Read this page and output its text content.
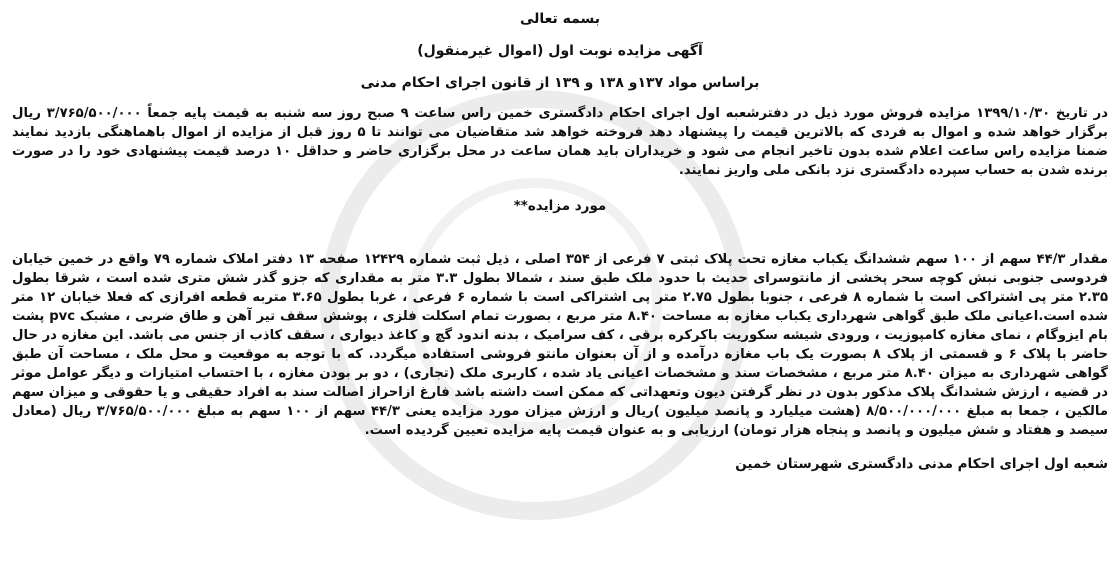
بسمه تعالی
آگهی مزایده نوبت اول (اموال غیرمنقول)
براساس مواد ۱۳۷و ۱۳۸ و ۱۳۹ از قانون اجرای احکام مدنی

در تاریخ ۱۳۹۹/۱۰/۳۰ مزایده فروش مورد ذیل در دفترشعبه اول اجرای احکام دادگستری خمین راس ساعت ۹ صبح روز سه شنبه به قیمت پایه جمعاً ۳/۷۶۵/۵۰۰/۰۰۰ ریال برگزار خواهد شده و اموال به فردی که بالاترین قیمت را پیشنهاد دهد فروخته خواهد شد متقاضیان می توانند تا ۵ روز قبل از مزایده از اموال باهماهنگی بازدید نمایند ضمنا مزایده راس ساعت اعلام شده بدون تاخیر انجام می شود و خریداران باید همان ساعت در محل برگزاری حاضر و حداقل ۱۰ درصد قیمت پیشنهادی خود را در صورت برنده شدن به حساب سپرده دادگستری نزد بانکی ملی واریز نمایند.

مورد مزایده**

مقدار ۴۴/۳ سهم از ۱۰۰ سهم ششدانگ یکباب مغازه تحت پلاک ثبتی ۷ فرعی از ۳۵۴ اصلی ، ذیل ثبت شماره ۱۲۴۲۹ صفحه ۱۳ دفتر املاک شماره ۷۹ واقع در خمین خیابان فردوسی جنوبی نبش کوچه سحر پخشی از مانتوسرای حدیث با حدود ملک طبق سند ، شمالا بطول ۳.۳ متر به مقداری که جزو گذر شش متری شده است ، شرقا بطول ۲.۳۵ متر پی اشتراکی است با شماره ۸ فرعی ، جنوبا بطول ۲.۷۵ متر پی اشتراکی است با شماره ۶ فرعی ، غربا بطول ۳.۶۵ متربه قطعه افرازی که فعلا خیابان ۱۲ متر شده است.اعیانی ملک طبق گواهی شهرداری یکباب مغازه به مساحت ۸.۴۰ متر مربع ، بصورت تمام اسکلت فلزی ، پوشش سقف تیر آهن و طاق ضربی ، مشبک pvc پشت بام ایزوگام ، نمای مغازه کامپوزیت ، ورودی شیشه سکوریت باکرکره برقی ، کف سرامیک ، بدنه اندود گچ و کاغذ دیواری ، سقف کاذب از جنس می باشد. این مغازه در حال حاضر با پلاک ۶ و قسمتی از پلاک ۸ بصورت یک باب مغازه درآمده و از آن بعنوان مانتو فروشی استفاده میگردد. که با توجه به موقعیت و محل ملک ، مساحت آن طبق گواهی شهرداری به میزان ۸.۴۰ متر مربع ، مشخصات سند و مشخصات اعیانی یاد شده ، کاربری ملک (تجاری) ، دو بر بودن مغازه ، با احتساب امتیازات و دیگر عوامل موثر در قضیه ، ارزش ششدانگ پلاک مذکور بدون در نظر گرفتن دیون وتعهداتی که ممکن است داشته باشد فارغ ازاحراز اصالت سند به افراد حقیقی و یا حقوقی و میزان سهم مالکین ، جمعا به مبلغ ۸/۵۰۰/۰۰۰/۰۰۰ (هشت میلیارد و پانصد میلیون )ریال و ارزش میزان مورد مزایده یعنی ۴۴/۳ سهم از ۱۰۰ سهم به مبلغ ۳/۷۶۵/۵۰۰/۰۰۰ ریال (معادل سیصد و هفتاد و شش میلیون و پانصد و پنجاه هزار تومان) ارزیابی و به عنوان قیمت پایه مزایده تعیین گردیده است.

شعبه اول اجرای احکام مدنی دادگستری شهرستان خمین
